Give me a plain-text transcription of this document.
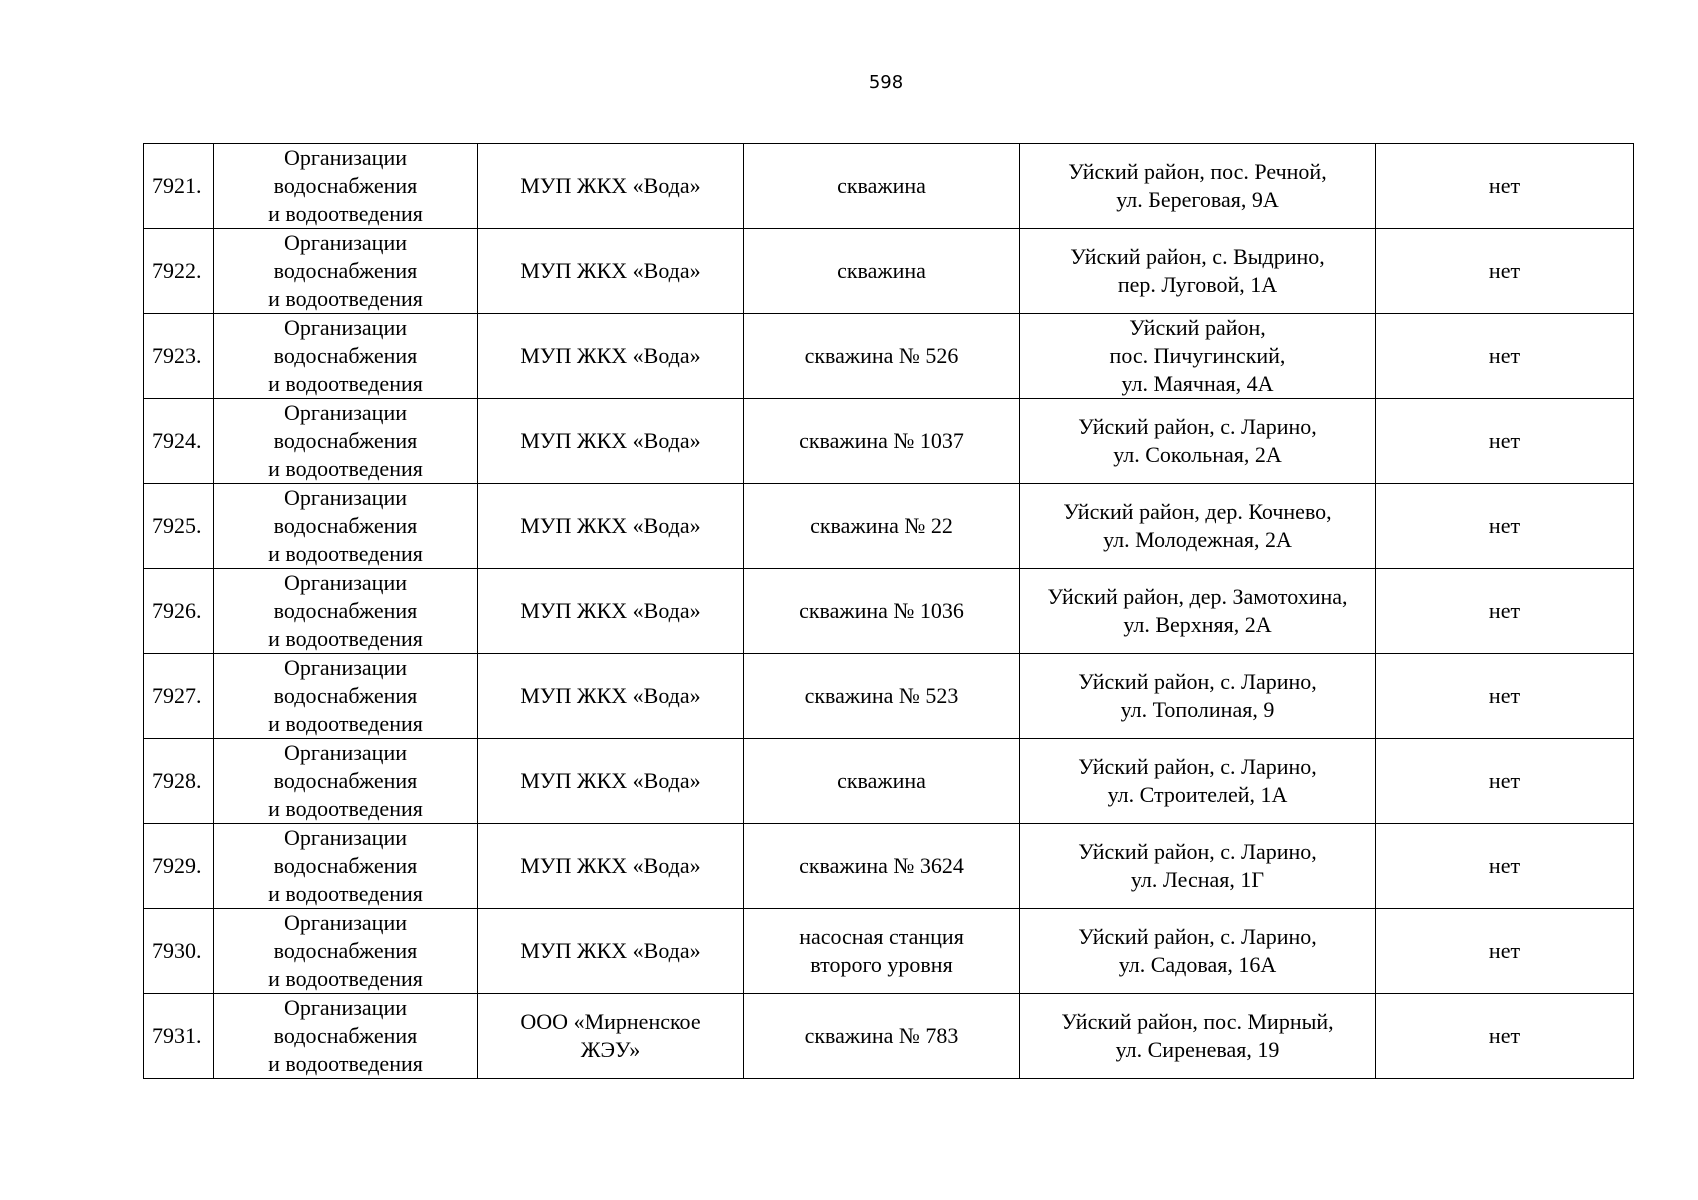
598
7921.	Организации
водоснабжения
и водоотведения	МУП ЖКХ «Вода»	скважина	Уйский район, пос. Речной,
ул. Береговая, 9А	нет
7922.	Организации
водоснабжения
и водоотведения	МУП ЖКХ «Вода»	скважина	Уйский район, с. Выдрино,
пер. Луговой, 1А	нет
7923.	Организации
водоснабжения
и водоотведения	МУП ЖКХ «Вода»	скважина № 526	Уйский район,
пос. Пичугинский,
ул. Маячная, 4А	нет
7924.	Организации
водоснабжения
и водоотведения	МУП ЖКХ «Вода»	скважина № 1037	Уйский район, с. Ларино,
ул. Сокольная, 2А	нет
7925.	Организации
водоснабжения
и водоотведения	МУП ЖКХ «Вода»	скважина № 22	Уйский район, дер. Кочнево,
ул. Молодежная, 2А	нет
7926.	Организации
водоснабжения
и водоотведения	МУП ЖКХ «Вода»	скважина № 1036	Уйский район, дер. Замотохина,
ул. Верхняя, 2А	нет
7927.	Организации
водоснабжения
и водоотведения	МУП ЖКХ «Вода»	скважина № 523	Уйский район, с. Ларино,
ул. Тополиная, 9	нет
7928.	Организации
водоснабжения
и водоотведения	МУП ЖКХ «Вода»	скважина	Уйский район, с. Ларино,
ул. Строителей, 1А	нет
7929.	Организации
водоснабжения
и водоотведения	МУП ЖКХ «Вода»	скважина № 3624	Уйский район, с. Ларино,
ул. Лесная, 1Г	нет
7930.	Организации
водоснабжения
и водоотведения	МУП ЖКХ «Вода»	насосная станция
второго уровня	Уйский район, с. Ларино,
ул. Садовая, 16А	нет
7931.	Организации
водоснабжения
и водоотведения	ООО «Мирненское
ЖЭУ»	скважина № 783	Уйский район, пос. Мирный,
ул. Сиреневая, 19	нет
